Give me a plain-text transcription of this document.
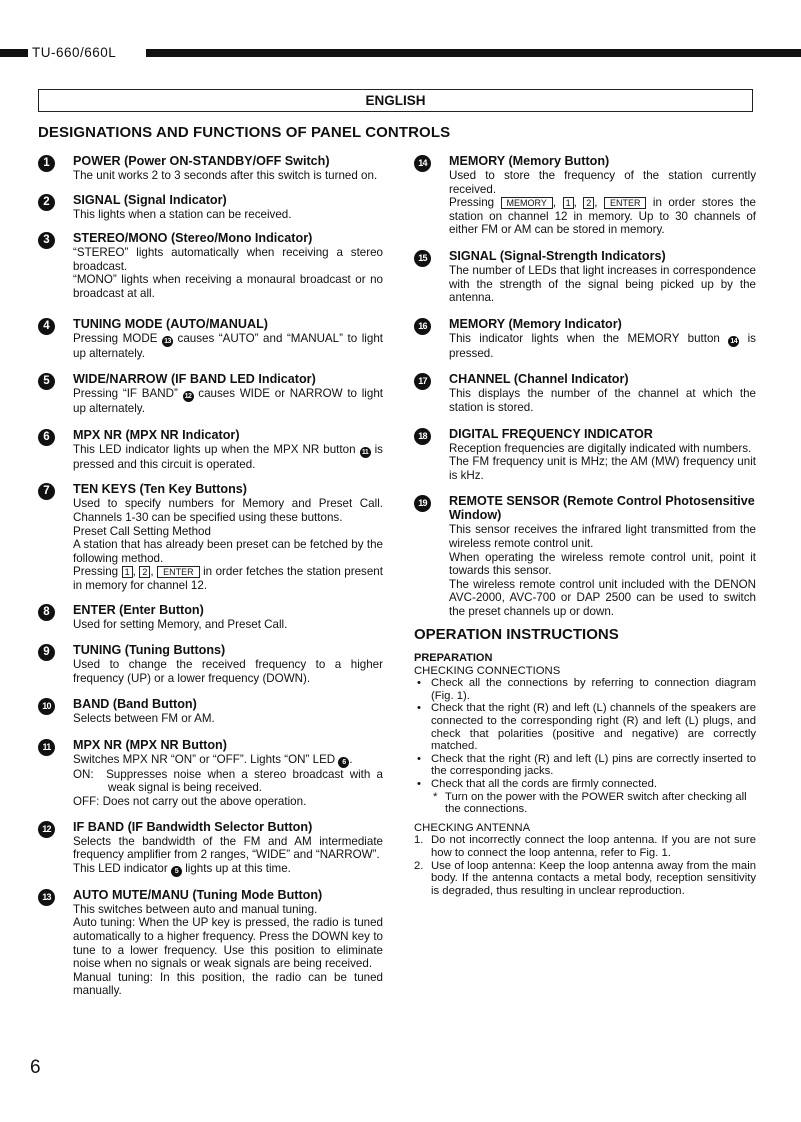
TU-660/660L
ENGLISH
DESIGNATIONS AND FUNCTIONS OF PANEL CONTROLS
1	POWER (Power ON-STANDBY/OFF Switch)

The unit works 2 to 3 seconds after this switch is turned on.

2	SIGNAL (Signal Indicator)

This lights when a station can be received.

3	STEREO/MONO (Stereo/Mono Indicator)

“STEREO” lights automatically when receiving a stereo broadcast.

“MONO” lights when receiving a monaural broadcast or no broadcast at all.

4	TUNING MODE (AUTO/MANUAL)

Pressing MODE 13 causes “AUTO” and “MANUAL” to light up alternately.

5	WIDE/NARROW (IF BAND LED Indicator)

Pressing “IF BAND” 12 causes WIDE or NARROW to light up alternately.

6	MPX NR (MPX NR Indicator)

This LED indicator lights up when the MPX NR button 11 is pressed and this circuit is operated.

7	TEN KEYS (Ten Key Buttons)

Used to specify numbers for Memory and Preset Call. Channels 1-30 can be specified using these buttons.

Preset Call Setting Method

A station that has already been preset can be fetched by the following method.

Pressing 1 , 2 , ENTER in order fetches the station present in memory for channel 12.

8	ENTER (Enter Button)

Used for setting Memory, and Preset Call.

9	TUNING (Tuning Buttons)

Used to change the received frequency to a higher frequency (UP) or a lower frequency (DOWN).

10	BAND (Band Button)

Selects between FM or AM.

11	MPX NR (MPX NR Button)

Switches MPX NR “ON” or “OFF”. Lights “ON” LED 6 .

ON:  Suppresses noise when a stereo broadcast with a weak signal is being received.

OFF: Does not carry out the above operation.

12	IF BAND (IF Bandwidth Selector Button)

Selects the bandwidth of the FM and AM intermediate frequency amplifier from 2 ranges, “WIDE” and “NARROW”.

This LED indicator 5 lights up at this time.

13	AUTO MUTE/MANU (Tuning Mode Button)

This switches between auto and manual tuning.

Auto tuning: When the UP key is pressed, the radio is tuned automatically to a higher frequency. Press the DOWN key to tune to a lower frequency. Use this position to eliminate noise when no signals or weak signals are being received.

Manual tuning: In this position, the radio can be tuned manually.

14	MEMORY (Memory Button)

Used to store the frequency of the station currently received.

Pressing MEMORY , 1 , 2 , ENTER in order stores the station on channel 12 in memory. Up to 30 channels of either FM or AM can be stored in memory.

15	SIGNAL (Signal-Strength Indicators)

The number of LEDs that light increases in correspondence with the strength of the signal being picked up by the antenna.

16	MEMORY (Memory Indicator)

This indicator lights when the MEMORY button 14 is pressed.

17	CHANNEL (Channel Indicator)

This displays the number of the channel at which the station is stored.

18	DIGITAL FREQUENCY INDICATOR

Reception frequencies are digitally indicated with numbers.

The FM frequency unit is MHz; the AM (MW) frequency unit is kHz.

19	REMOTE SENSOR (Remote Control Photosensitive Window)

This sensor receives the infrared light transmitted from the wireless remote control unit.

When operating the wireless remote control unit, point it towards this sensor.

The wireless remote control unit included with the DENON AVC-2000, AVC-700 or DAP 2500 can be used to switch the preset channels up or down.

OPERATION INSTRUCTIONS
PREPARATION
CHECKING CONNECTIONS
• Check all the connections by referring to connection diagram (Fig. 1).
• Check that the right (R) and left (L) channels of the speakers are connected to the corresponding right (R) and left (L) plugs, and check that polarities (positive and negative) are correctly matched.
• Check that the right (R) and left (L) pins are correctly inserted to the corresponding jacks.
• Check that all the cords are firmly connected.
* Turn on the power with the POWER switch after checking all the connections.
CHECKING ANTENNA
1. Do not incorrectly connect the loop antenna. If you are not sure how to connect the loop antenna, refer to Fig. 1.
2. Use of loop antenna: Keep the loop antenna away from the main body. If the antenna contacts a metal body, reception sensitivity is degraded, thus resulting in unclear reproduction.
6
